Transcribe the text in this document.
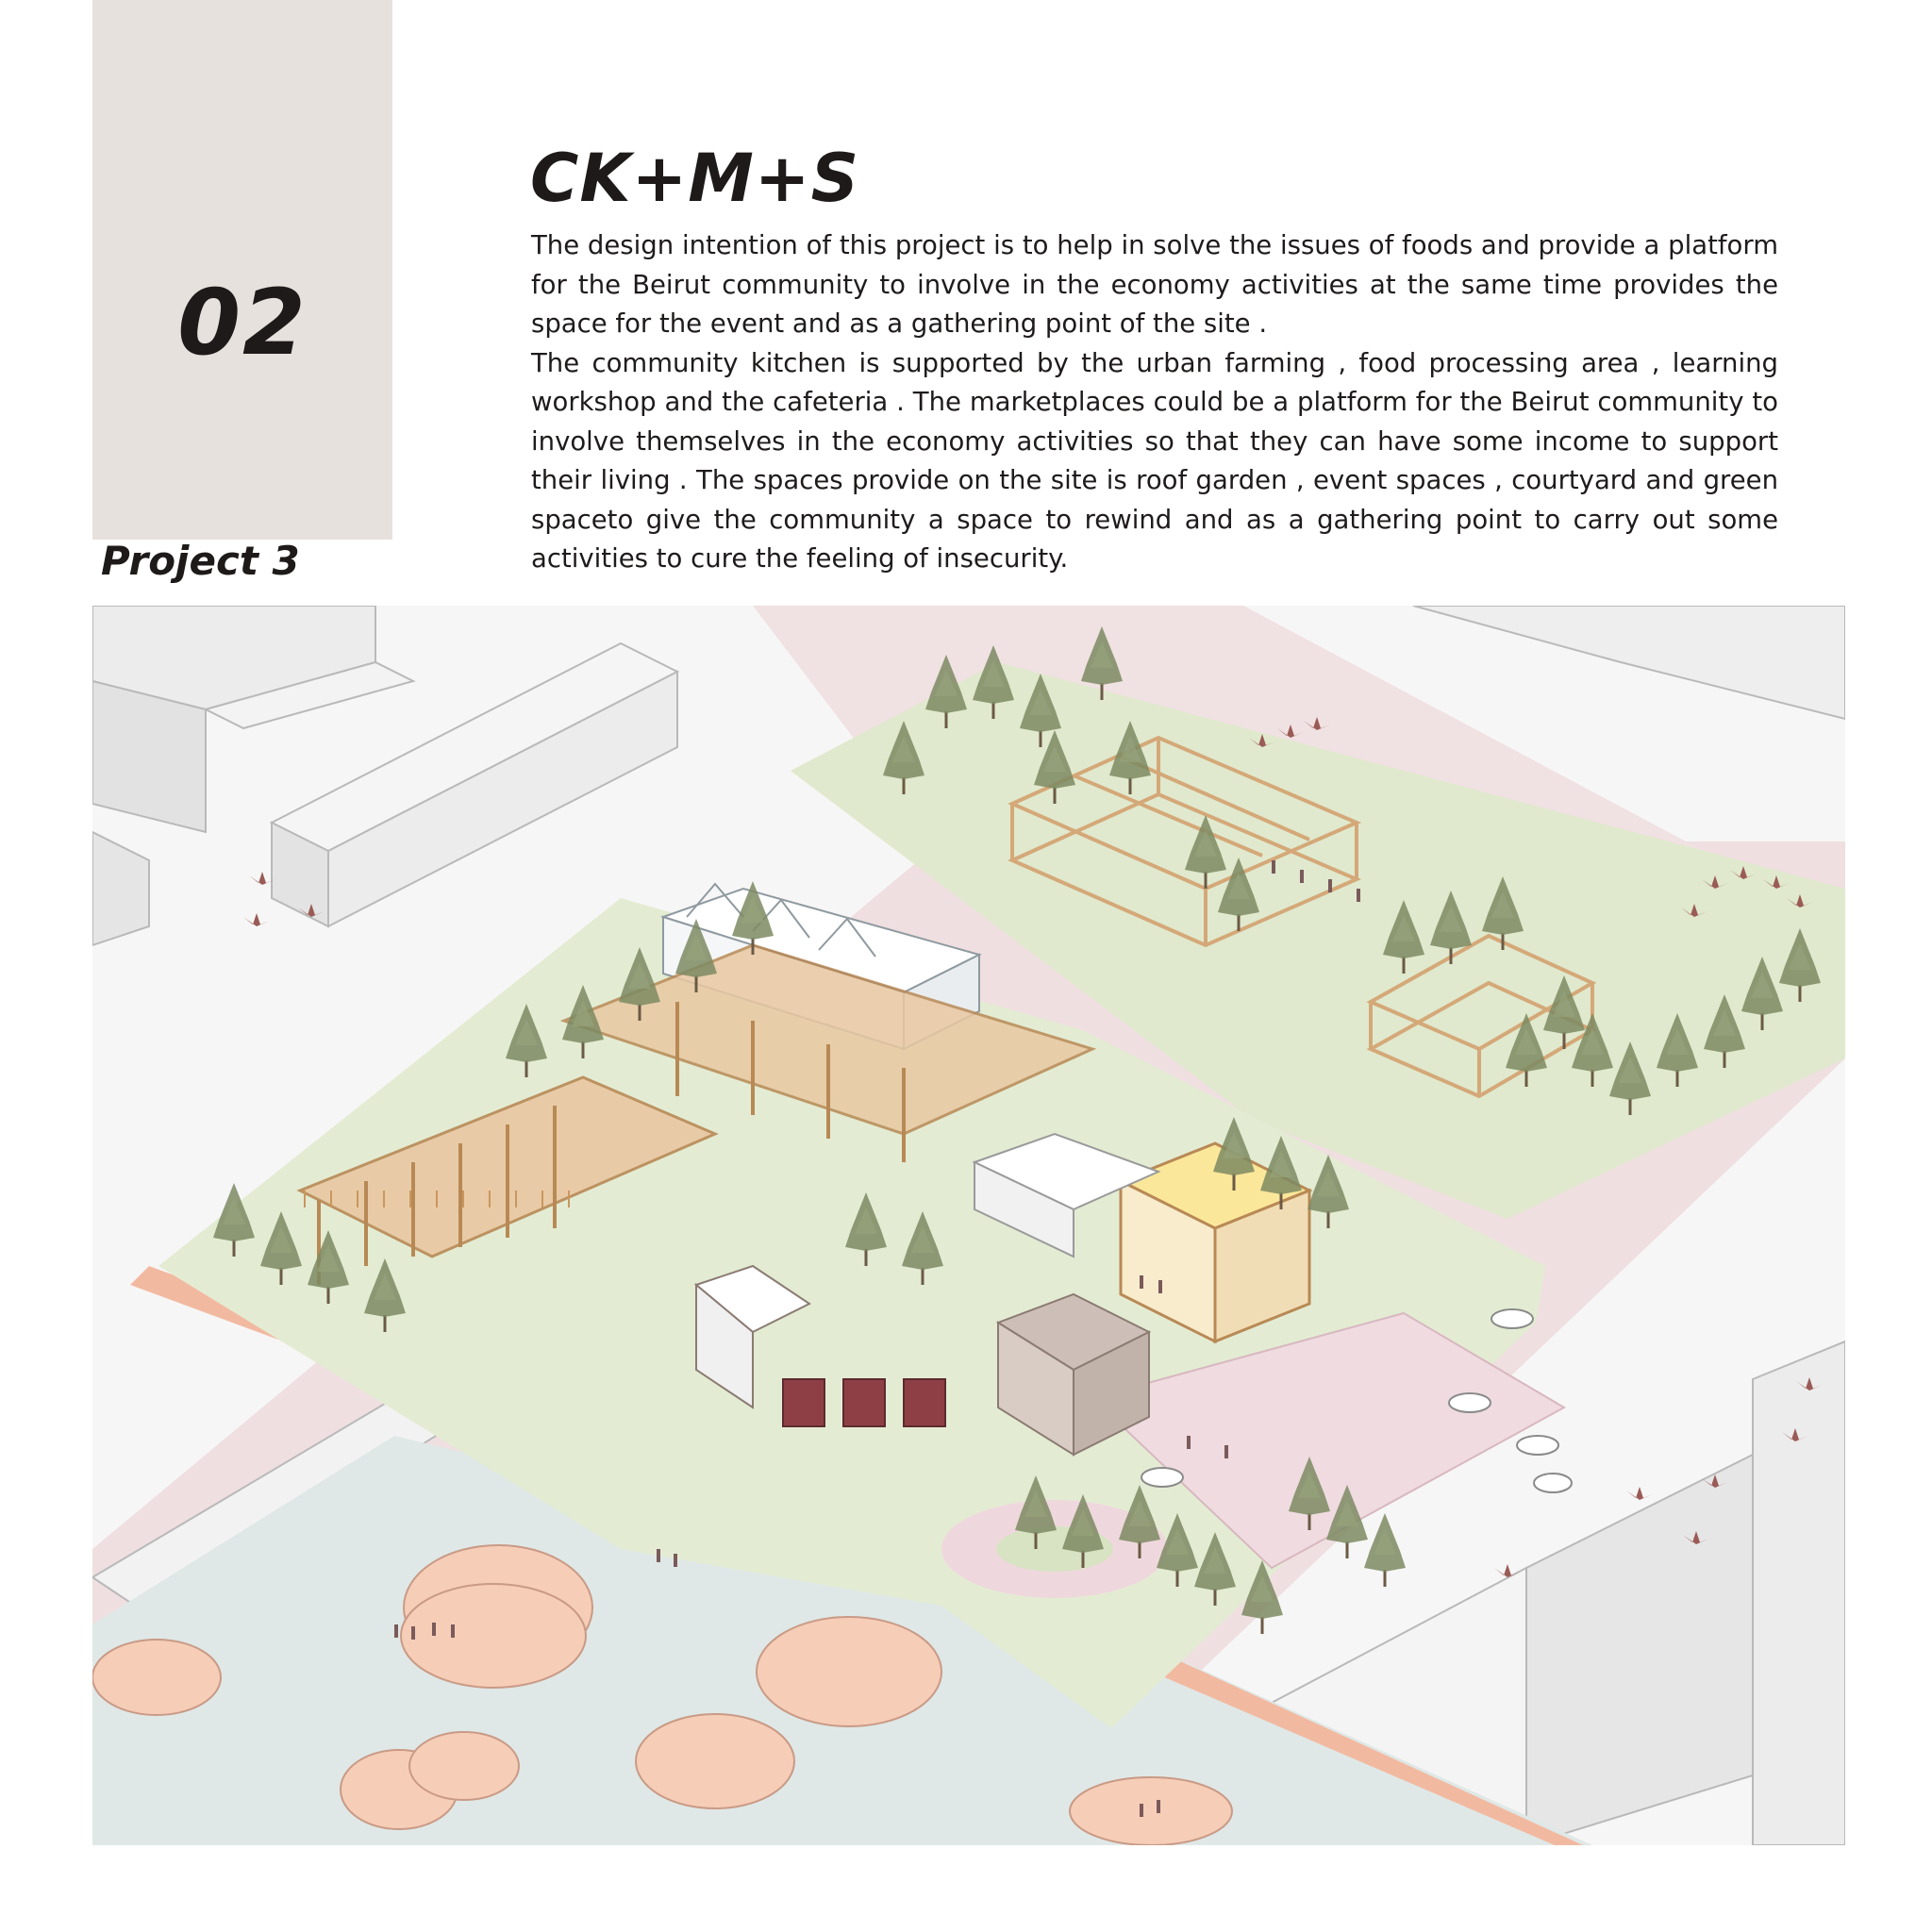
02
Project 3
CK+M+S

The design intention of this project is to help in solve the issues of foods and provide a platform for the Beirut community to involve in the economy activities at the same time provides the space for the event and as a gathering point of the site .

The community kitchen is supported by the urban farming , food processing area , learning workshop and the cafeteria . The marketplaces could be a platform for the Beirut community to involve themselves in the economy activities so that they can have some income to support their living . The spaces provide on the site is roof garden , event spaces , courtyard and green spaceto give the community a space to rewind and as a gathering point to carry out some activities to cure the feeling of insecurity.
